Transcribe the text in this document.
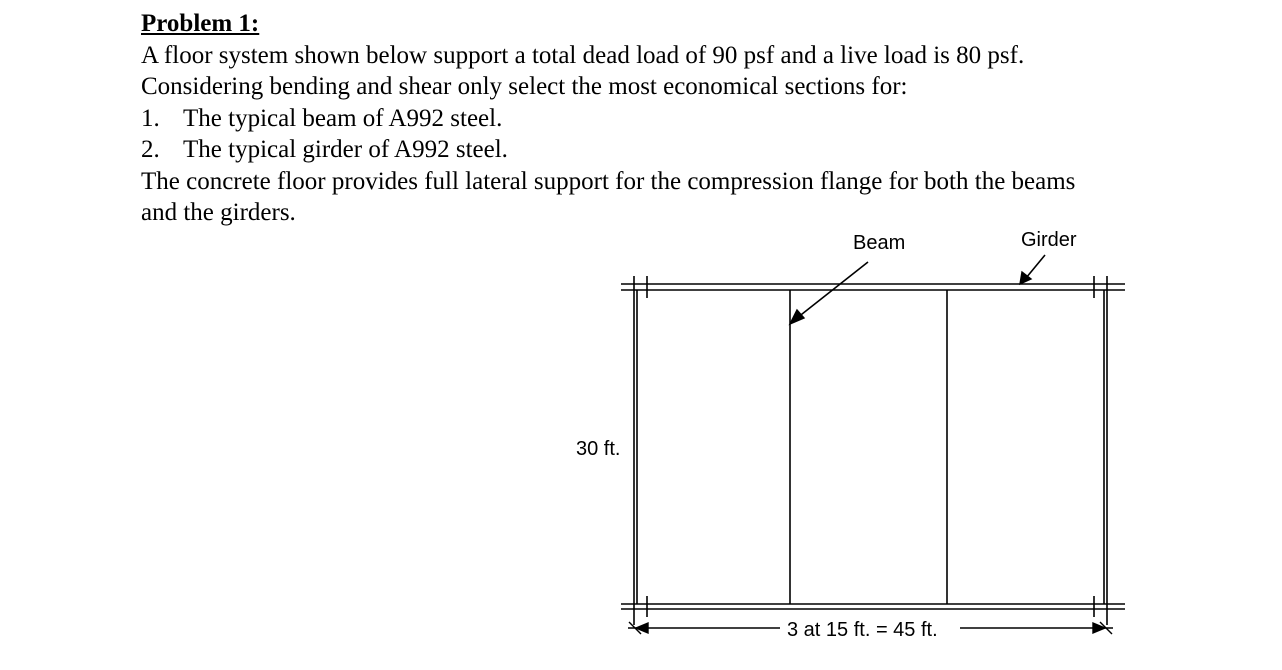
Problem 1:
A floor system shown below support a total dead load of 90 psf and a live load is 80 psf.
Considering bending and shear only select the most economical sections for:
1. The typical beam of A992 steel.
2. The typical girder of A992 steel.
The concrete floor provides full lateral support for the compression flange for both the beams
and the girders.
Beam	Girder
30 ft.
3 at 15 ft. = 45 ft.
